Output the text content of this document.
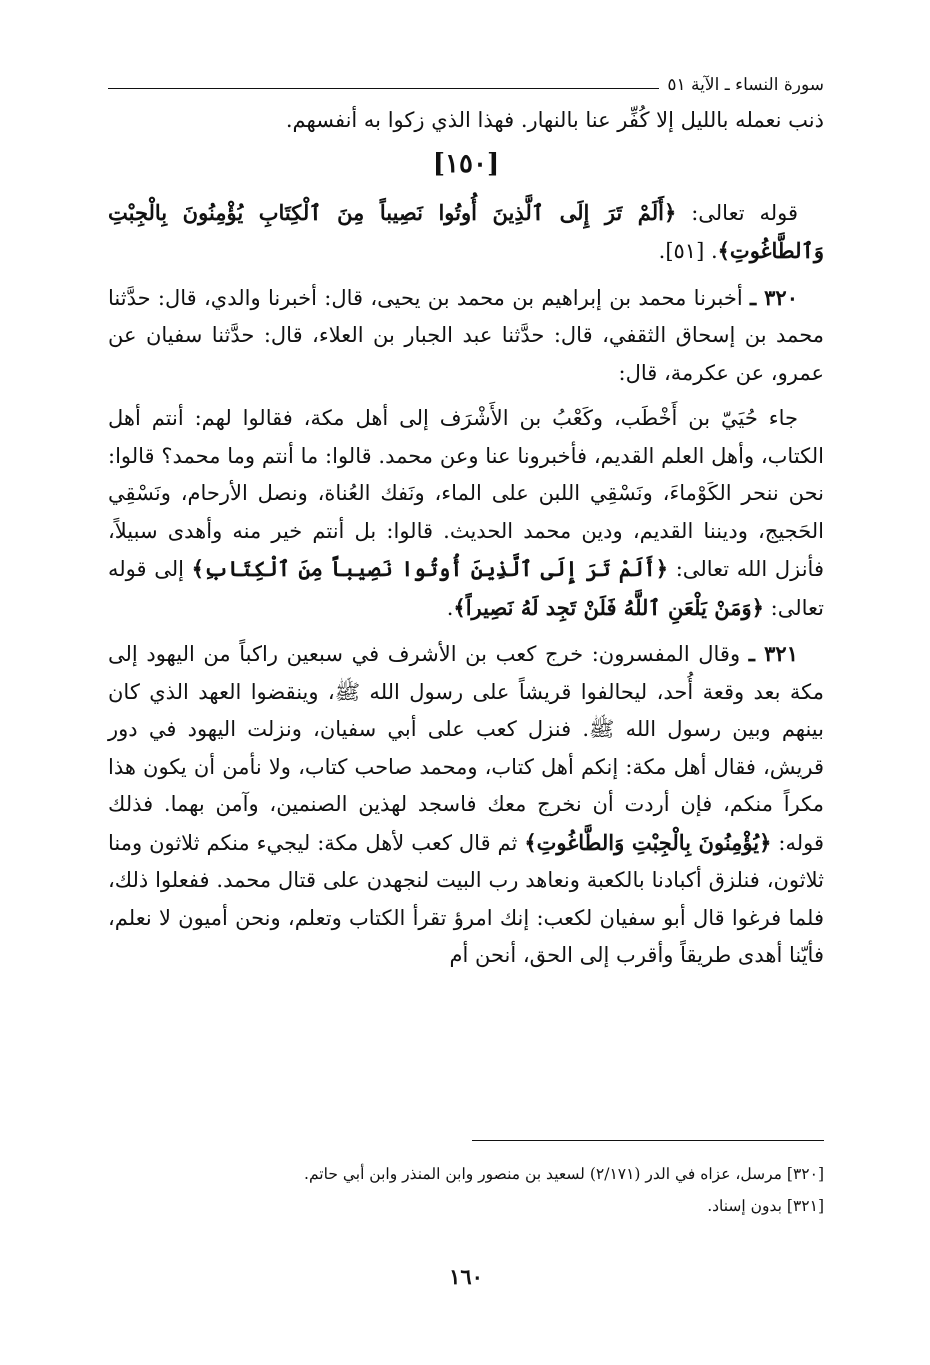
سورة النساء ـ الآية ٥١

ذنب نعمله بالليل إلا كُفِّر عنا بالنهار. فهذا الذي زكوا به أنفسهم.

[١٥٠]

قوله تعالى: ﴿أَلَمْ تَرَ إِلَى ٱلَّذِينَ أُوتُوا نَصِيباً مِنَ ٱلْكِتَابِ يُؤْمِنُونَ بِالْجِبْتِ وَٱلطَّاغُوتِ﴾. [٥١].

٣٢٠ ـ أخبرنا محمد بن إبراهيم بن محمد بن يحيى، قال: أخبرنا والدي، قال: حدَّثنا محمد بن إسحاق الثقفي، قال: حدَّثنا عبد الجبار بن العلاء، قال: حدَّثنا سفيان عن عمرو، عن عكرمة، قال:

جاء حُيَيّ بن أَخْطَب، وكَعْبُ بن الأَشْرَف إلى أهل مكة، فقالوا لهم: أنتم أهل الكتاب، وأهل العلم القديم، فأخبرونا عنا وعن محمد. قالوا: ما أنتم وما محمد؟ قالوا: نحن ننحر الكَوْماءَ، ونَسْقِي اللبن على الماء، ونَفك العُناة، ونصل الأرحام، ونَسْقِي الحَجيج، وديننا القديم، ودين محمد الحديث. قالوا: بل أنتم خير منه وأهدى سبيلاً، فأنزل الله تعالى: ﴿أَلَمْ تَرَ إِلَى ٱلَّذِينَ أُوتُوا نَصِيباً مِنَ ٱلْكِتَابِ﴾ إلى قوله تعالى: ﴿وَمَنْ يَلْعَنِ ٱللَّهُ فَلَنْ تَجِد لَهُ نَصِيراً﴾.

٣٢١ ـ وقال المفسرون: خرج كعب بن الأشرف في سبعين راكباً من اليهود إلى مكة بعد وقعة أُحد، ليحالفوا قريشاً على رسول الله ﷺ، وينقضوا العهد الذي كان بينهم وبين رسول الله ﷺ. فنزل كعب على أبي سفيان، ونزلت اليهود في دور قريش، فقال أهل مكة: إنكم أهل كتاب، ومحمد صاحب كتاب، ولا نأمن أن يكون هذا مكراً منكم، فإن أردت أن نخرج معك فاسجد لهذين الصنمين، وآمن بهما. فذلك قوله: ﴿يُؤْمِنُونَ بِالْجِبْتِ وَالطَّاغُوتِ﴾ ثم قال كعب لأهل مكة: ليجيء منكم ثلاثون ومنا ثلاثون، فنلزق أكبادنا بالكعبة ونعاهد رب البيت لنجهدن على قتال محمد. ففعلوا ذلك، فلما فرغوا قال أبو سفيان لكعب: إنك امرؤ تقرأ الكتاب وتعلم، ونحن أميون لا نعلم، فأيّنا أهدى طريقاً وأقرب إلى الحق، أنحن أم

[٣٢٠] مرسل، عزاه في الدر (٢/١٧١) لسعيد بن منصور وابن المنذر وابن أبي حاتم.

[٣٢١] بدون إسناد.

١٦٠
